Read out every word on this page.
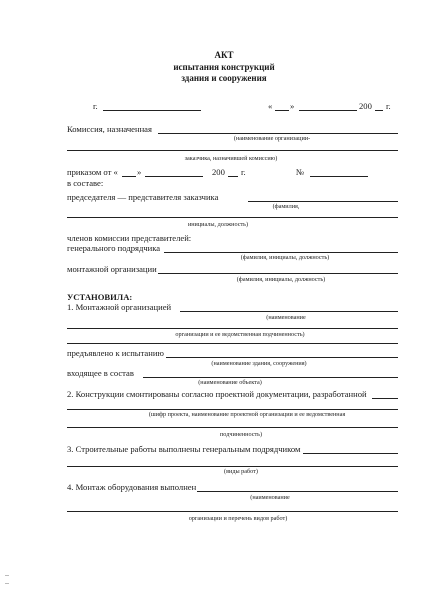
АКТ
испытания конструкций
здания и сооружения
г.	« »	200 г.
Комиссия, назначенная
(наименование организации-
заказчика, назначившей комиссию)
приказом от « »	200 г.	№
в составе:
председателя — представителя заказчика
(фамилия,
инициалы, должность)
членов комиссии представителей:
генерального подрядчика
(фамилия, инициалы, должность)
монтажной организации
(фамилия, инициалы, должность)
УСТАНОВИЛА:
1. Монтажной организацией
(наименование
организации и ее ведомственная подчиненность)
предъявлено к испытанию
(наименование здания, сооружения)
входящее в состав
(наименование объекта)
2. Конструкции смонтированы согласно проектной документации, разработанной
(шифр проекта, наименование проектной организации и ее ведомственная
подчиненность)
3. Строительные работы выполнены генеральным подрядчиком
(виды работ)
4. Монтаж оборудования выполнен
(наименование
организации и перечень видов работ)
